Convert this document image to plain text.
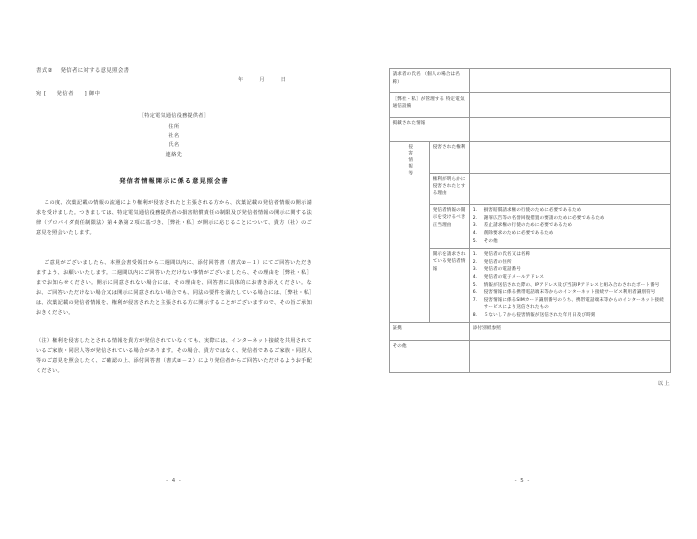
書式② 　発信者に対する意見照会書
年　月　日
宛 [ 発信者 ] 御中
［特定電気通信役務提供者］
住所
社名
氏名
連絡先
発信者情報開示に係る意見照会書
この度、次葉記載の情報の流通により権利が侵害されたと主張される方から、次葉記載の発信者情報の開示請求を受けました。つきましては、特定電気通信役務提供者の損害賠償責任の制限及び発信者情報の開示に関する法律（プロバイダ責任制限法）第４条第２項に基づき、［弊社・私］が開示に応じることについて、貴方（社）のご意見を照会いたします。
ご意見がございましたら、本照会書受領日から二週間以内に、添付回答書（書式②－１）にてご回答いただきますよう、お願いいたします。二週間以内にご回答いただけない事情がございましたら、その理由を［弊社・私］までお知らせください。開示に同意されない場合には、その理由を、回答書に具体的にお書き添えください。なお、ご回答いただけない場合又は開示に同意されない場合でも、同法の要件を満たしている場合には、［弊社・私］は、次葉記載の発信者情報を、権利が侵害されたと主張される方に開示することがございますので、その旨ご承知おきください。
（注）権利を侵害したとされる情報を貴方が発信されていなくても、実際には、インターネット接続を共用されているご家族・同居人等が発信されている場合があります。その場合、貴方ではなく、発信者であるご家族・同居人等のご意見を照会したく、ご確認の上、添付回答書（書式②－２）により発信者からご回答いただけるようお手配ください。
- 4 -
請求者の氏名 （個人の場合は名称）		
［弊社・私］が管理する 特定電気通信設備		
掲載された情報		
侵害情報等	侵害された権利	
	権利が明らかに侵害されたとする理由	
発信者情報の開示を受けるべき正当理由	
1.	損害賠償請求権の行使のために必要であるため
2.	謝罪広告等の名誉回復措置の要請のために必要であるため
3.	差止請求権の行使のために必要であるため
4.	削除要求のために必要であるため
5.	その他

開示を請求されている発信者情報	
1.	発信者の氏名又は名称
2.	発信者の住所
3.	発信者の電話番号
4.	発信者の電子メールアドレス
5.	情報が送信された際の、IPアドレス及び当該IPアドレスと組み合わされたポート番号
6.	侵害情報に係る携帯電話端末等からのインターネット接続サービス利用者識別符号
7.	侵害情報に係るSIMカード識別番号のうち、携帯電話端末等からのインターネット接続サービスにより送信されたもの
8.	５ないし７から侵害情報が送信された年月日及び時刻

証拠		添付別紙参照
その他		
以上
- 5 -
